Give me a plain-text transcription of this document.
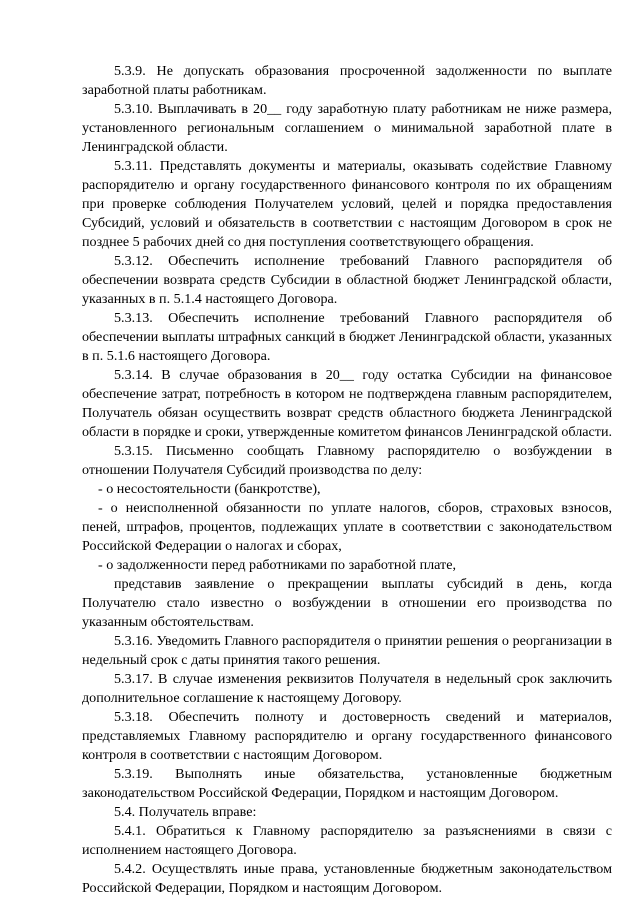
5.3.9. Не допускать образования просроченной задолженности по выплате заработной платы работникам.

5.3.10. Выплачивать в 20__ году заработную плату работникам не ниже размера, установленного региональным соглашением о минимальной заработной плате в Ленинградской области.

5.3.11. Представлять документы и материалы, оказывать содействие Главному распорядителю и органу государственного финансового контроля по их обращениям при проверке соблюдения Получателем условий, целей и порядка предоставления Субсидий, условий и обязательств в соответствии с настоящим Договором в срок не позднее 5 рабочих дней со дня поступления соответствующего обращения.

5.3.12. Обеспечить исполнение требований Главного распорядителя об обеспечении возврата средств Субсидии в областной бюджет Ленинградской области, указанных в п. 5.1.4 настоящего Договора.

5.3.13. Обеспечить исполнение требований Главного распорядителя об обеспечении выплаты штрафных санкций в бюджет Ленинградской области, указанных в п. 5.1.6 настоящего Договора.

5.3.14. В случае образования в 20__ году остатка Субсидии на финансовое обеспечение затрат, потребность в котором не подтверждена главным распорядителем, Получатель обязан осуществить возврат средств областного бюджета Ленинградской области в порядке и сроки, утвержденные комитетом финансов Ленинградской области.

5.3.15. Письменно сообщать Главному распорядителю о возбуждении в отношении Получателя Субсидий производства по делу:

- о несостоятельности (банкротстве),

- о неисполненной обязанности по уплате налогов, сборов, страховых взносов, пеней, штрафов, процентов, подлежащих уплате в соответствии с законодательством Российской Федерации о налогах и сборах,

- о задолженности перед работниками по заработной плате,

представив заявление о прекращении выплаты субсидий в день, когда Получателю стало известно о возбуждении в отношении его производства по указанным обстоятельствам.

5.3.16. Уведомить Главного распорядителя о принятии решения о реорганизации в недельный срок с даты принятия такого решения.

5.3.17. В случае изменения реквизитов Получателя в недельный срок заключить дополнительное соглашение к настоящему Договору.

5.3.18. Обеспечить полноту и достоверность сведений и материалов, представляемых Главному распорядителю и органу государственного финансового контроля в соответствии с настоящим Договором.

5.3.19. Выполнять иные обязательства, установленные бюджетным законодательством Российской Федерации, Порядком и настоящим Договором.

5.4. Получатель вправе:

5.4.1. Обратиться к Главному распорядителю за разъяснениями в связи с исполнением настоящего Договора.

5.4.2. Осуществлять иные права, установленные бюджетным законодательством Российской Федерации, Порядком и настоящим Договором.
